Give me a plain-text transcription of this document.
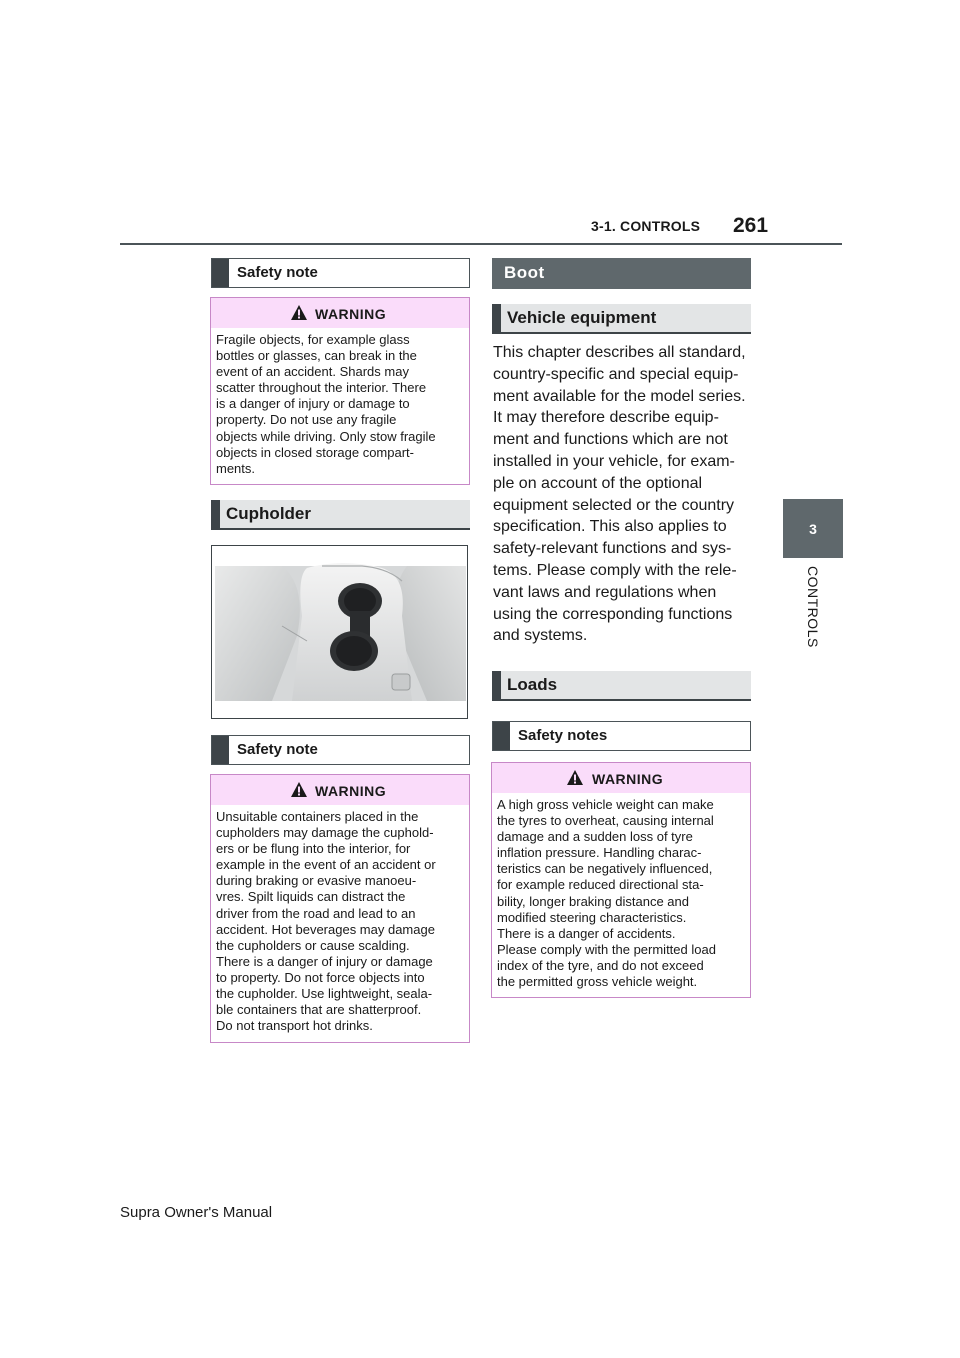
3-1. CONTROLS 261
3
CONTROLS
Safety note
WARNING
Fragile objects, for example glass
bottles or glasses, can break in the
event of an accident. Shards may
scatter throughout the interior. There
is a danger of injury or damage to
property. Do not use any fragile
objects while driving. Only stow fragile
objects in closed storage compart-
ments.
Cupholder
Safety note
WARNING
Unsuitable containers placed in the
cupholders may damage the cuphold-
ers or be flung into the interior, for
example in the event of an accident or
during braking or evasive manoeu-
vres. Spilt liquids can distract the
driver from the road and lead to an
accident. Hot beverages may damage
the cupholders or cause scalding.
There is a danger of injury or damage
to property. Do not force objects into
the cupholder. Use lightweight, seala-
ble containers that are shatterproof.
Do not transport hot drinks.
Boot
Vehicle equipment
This chapter describes all standard,
country-specific and special equip-
ment available for the model series.
It may therefore describe equip-
ment and functions which are not
installed in your vehicle, for exam-
ple on account of the optional
equipment selected or the country
specification. This also applies to
safety-relevant functions and sys-
tems. Please comply with the rele-
vant laws and regulations when
using the corresponding functions
and systems.
Loads
Safety notes
WARNING
A high gross vehicle weight can make
the tyres to overheat, causing internal
damage and a sudden loss of tyre
inflation pressure. Handling charac-
teristics can be negatively influenced,
for example reduced directional sta-
bility, longer braking distance and
modified steering characteristics.
There is a danger of accidents.
Please comply with the permitted load
index of the tyre, and do not exceed
the permitted gross vehicle weight.
Supra Owner's Manual
